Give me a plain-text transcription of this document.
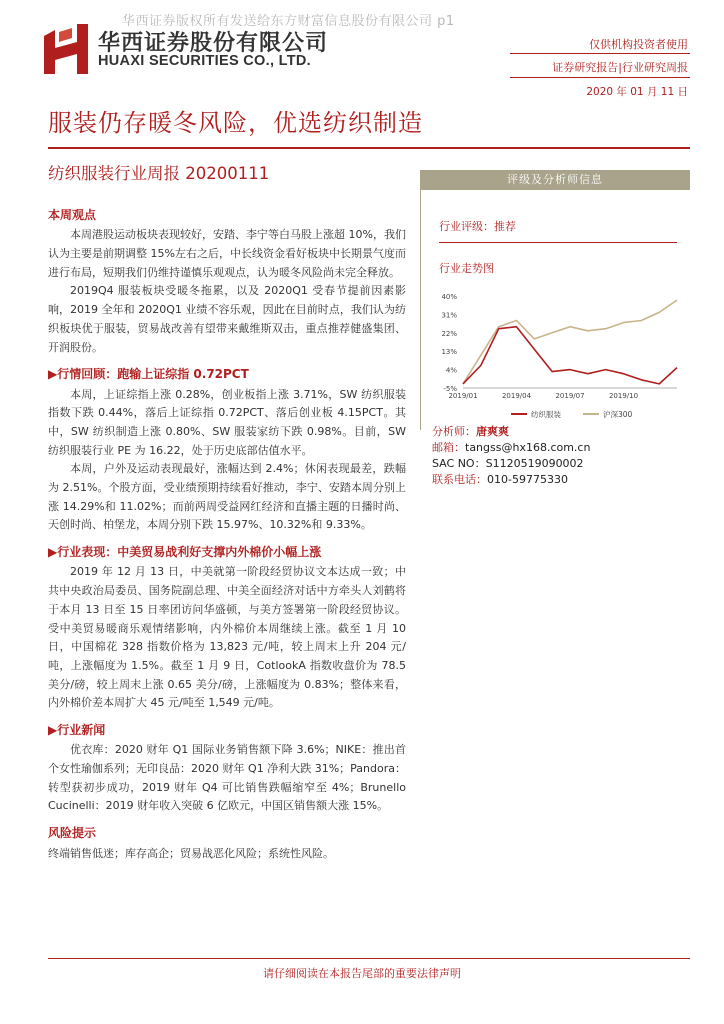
华西证券版权所有发送给东方财富信息股份有限公司 p1
华西证券股份有限公司
HUAXI SECURITIES CO., LTD.
仅供机构投资者使用
证券研究报告|行业研究周报
2020 年 01 月 11 日
服装仍存暖冬风险，优选纺织制造
纺织服装行业周报 20200111
本周观点

本周港股运动板块表现较好，安踏、李宁等白马股上涨超 10%，我们认为主要是前期调整 15%左右之后，中长线资金看好板块中长期景气度而进行布局，短期我们仍维持谨慎乐观观点，认为暖冬风险尚未完全释放。

2019Q4 服装板块受暖冬拖累，以及 2020Q1 受春节提前因素影响，2019 全年和 2020Q1 业绩不容乐观，因此在目前时点，我们认为纺织板块优于服装，贸易战改善有望带来戴维斯双击，重点推荐健盛集团、开润股份。

▶行情回顾：跑输上证综指 0.72PCT

本周，上证综指上涨 0.28%，创业板指上涨 3.71%，SW 纺织服装指数下跌 0.44%，落后上证综指 0.72PCT、落后创业板 4.15PCT。其中，SW 纺织制造上涨 0.80%、SW 服装家纺下跌 0.98%。目前，SW 纺织服装行业 PE 为 16.22，处于历史底部估值水平。

本周，户外及运动表现最好，涨幅达到 2.4%；休闲表现最差，跌幅为 2.51%。个股方面，受业绩预期持续看好推动，李宁、安踏本周分别上涨 14.29%和 11.02%；而前两周受益网红经济和直播主题的日播时尚、天创时尚、柏堡龙，本周分别下跌 15.97%、10.32%和 9.33%。

▶行业表现：中美贸易战利好支撑内外棉价小幅上涨

2019 年 12 月 13 日，中美就第一阶段经贸协议文本达成一致；中共中央政治局委员、国务院副总理、中美全面经济对话中方牵头人刘鹤将于本月 13 日至 15 日率团访问华盛顿，与美方签署第一阶段经贸协议。受中美贸易暖商乐观情绪影响，内外棉价本周继续上涨。截至 1 月 10 日，中国棉花 328 指数价格为 13,823 元/吨，较上周末上升 204 元/吨，上涨幅度为 1.5%。截至 1 月 9 日，CotlookA 指数收盘价为 78.5 美分/磅，较上周末上涨 0.65 美分/磅，上涨幅度为 0.83%；整体来看，内外棉价差本周扩大 45 元/吨至 1,549 元/吨。

▶行业新闻

优衣库：2020 财年 Q1 国际业务销售额下降 3.6%；NIKE：推出首个女性瑜伽系列；无印良品：2020 财年 Q1 净利大跌 31%；Pandora：转型获初步成功，2019 财年 Q4 可比销售跌幅缩窄至 4%；Brunello Cucinelli：2019 财年收入突破 6 亿欧元，中国区销售额大涨 15%。

风险提示

终端销售低迷；库存高企；贸易战恶化风险；系统性风险。

评级及分析师信息
行业评级：推荐
行业走势图
40%
31%
22%
13%
4%
-5%
2019/01	2019/04	2019/07	2019/10
纺织服装	沪深300
分析师：唐爽爽
邮箱：tangss@hx168.com.cn
SAC NO：S1120519090002
联系电话：010-59775330
请仔细阅读在本报告尾部的重要法律声明
